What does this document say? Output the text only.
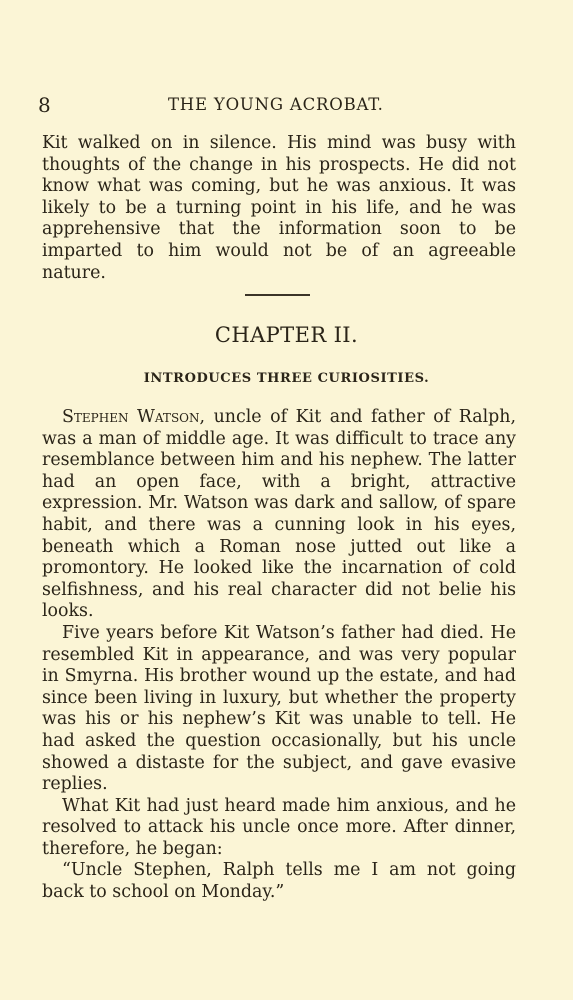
8	THE YOUNG ACROBAT.

Kit walked on in silence. His mind was busy with thoughts of the change in his prospects. He did not know what was coming, but he was anxious. It was likely to be a turning point in his life, and he was apprehensive that the information soon to be imparted to him would not be of an agreeable nature.

CHAPTER II.
INTRODUCES THREE CURIOSITIES.

Stephen Watson, uncle of Kit and father of Ralph, was a man of middle age. It was difficult to trace any resemblance between him and his nephew. The latter had an open face, with a bright, attractive expression. Mr. Watson was dark and sallow, of spare habit, and there was a cunning look in his eyes, beneath which a Roman nose jutted out like a promontory. He looked like the incarnation of cold selfishness, and his real character did not belie his looks.

Five years before Kit Watson’s father had died. He resembled Kit in appearance, and was very popular in Smyrna. His brother wound up the estate, and had since been living in luxury, but whether the property was his or his nephew’s Kit was unable to tell. He had asked the question occasionally, but his uncle showed a distaste for the subject, and gave evasive replies.

What Kit had just heard made him anxious, and he resolved to attack his uncle once more. After dinner, therefore, he began:

“Uncle Stephen, Ralph tells me I am not going back to school on Monday.”
